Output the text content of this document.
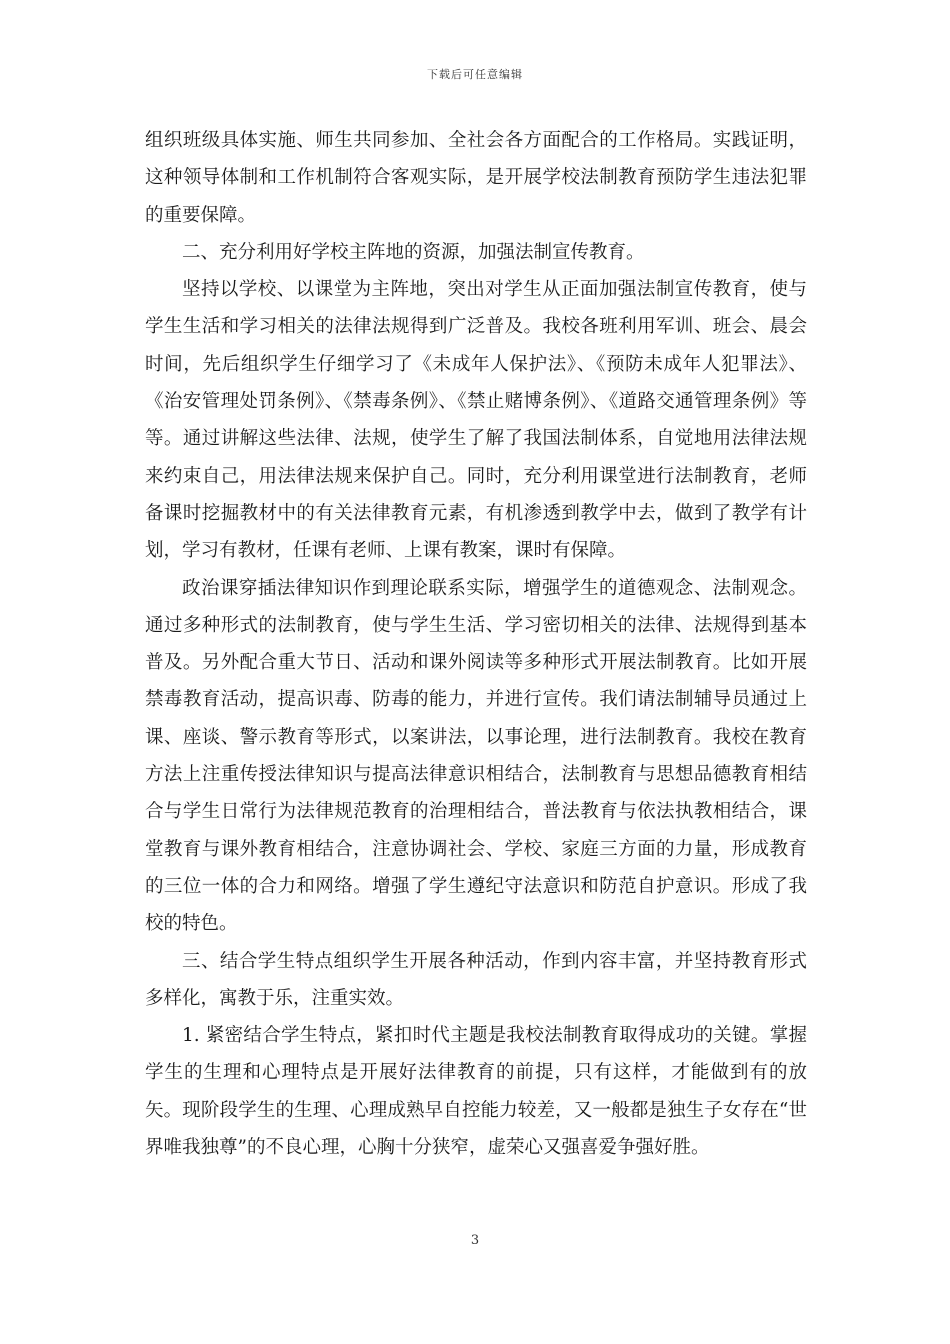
下载后可任意编辑

组织班级具体实施、师生共同参加、全社会各方面配合的工作格局。实践证明，这种领导体制和工作机制符合客观实际，是开展学校法制教育预防学生违法犯罪的重要保障。

二、充分利用好学校主阵地的资源，加强法制宣传教育。

坚持以学校、以课堂为主阵地，突出对学生从正面加强法制宣传教育，使与学生生活和学习相关的法律法规得到广泛普及。我校各班利用军训、班会、晨会时间，先后组织学生仔细学习了《未成年人保护法》、《预防未成年人犯罪法》、《治安管理处罚条例》、《禁毒条例》、《禁止赌博条例》、《道路交通管理条例》等等。通过讲解这些法律、法规，使学生了解了我国法制体系，自觉地用法律法规来约束自己，用法律法规来保护自己。同时，充分利用课堂进行法制教育，老师备课时挖掘教材中的有关法律教育元素，有机渗透到教学中去，做到了教学有计划，学习有教材，任课有老师、上课有教案，课时有保障。

政治课穿插法律知识作到理论联系实际，增强学生的道德观念、法制观念。通过多种形式的法制教育，使与学生生活、学习密切相关的法律、法规得到基本普及。另外配合重大节日、活动和课外阅读等多种形式开展法制教育。比如开展禁毒教育活动，提高识毒、防毒的能力，并进行宣传。我们请法制辅导员通过上课、座谈、警示教育等形式，以案讲法，以事论理，进行法制教育。我校在教育方法上注重传授法律知识与提高法律意识相结合，法制教育与思想品德教育相结合与学生日常行为法律规范教育的治理相结合，普法教育与依法执教相结合，课堂教育与课外教育相结合，注意协调社会、学校、家庭三方面的力量，形成教育的三位一体的合力和网络。增强了学生遵纪守法意识和防范自护意识。形成了我校的特色。

三、结合学生特点组织学生开展各种活动，作到内容丰富，并坚持教育形式多样化，寓教于乐，注重实效。

1. 紧密结合学生特点，紧扣时代主题是我校法制教育取得成功的关键。掌握学生的生理和心理特点是开展好法律教育的前提，只有这样，才能做到有的放矢。现阶段学生的生理、心理成熟早自控能力较差，又一般都是独生子女存在“世界唯我独尊”的不良心理，心胸十分狭窄，虚荣心又强喜爱争强好胜。

3
